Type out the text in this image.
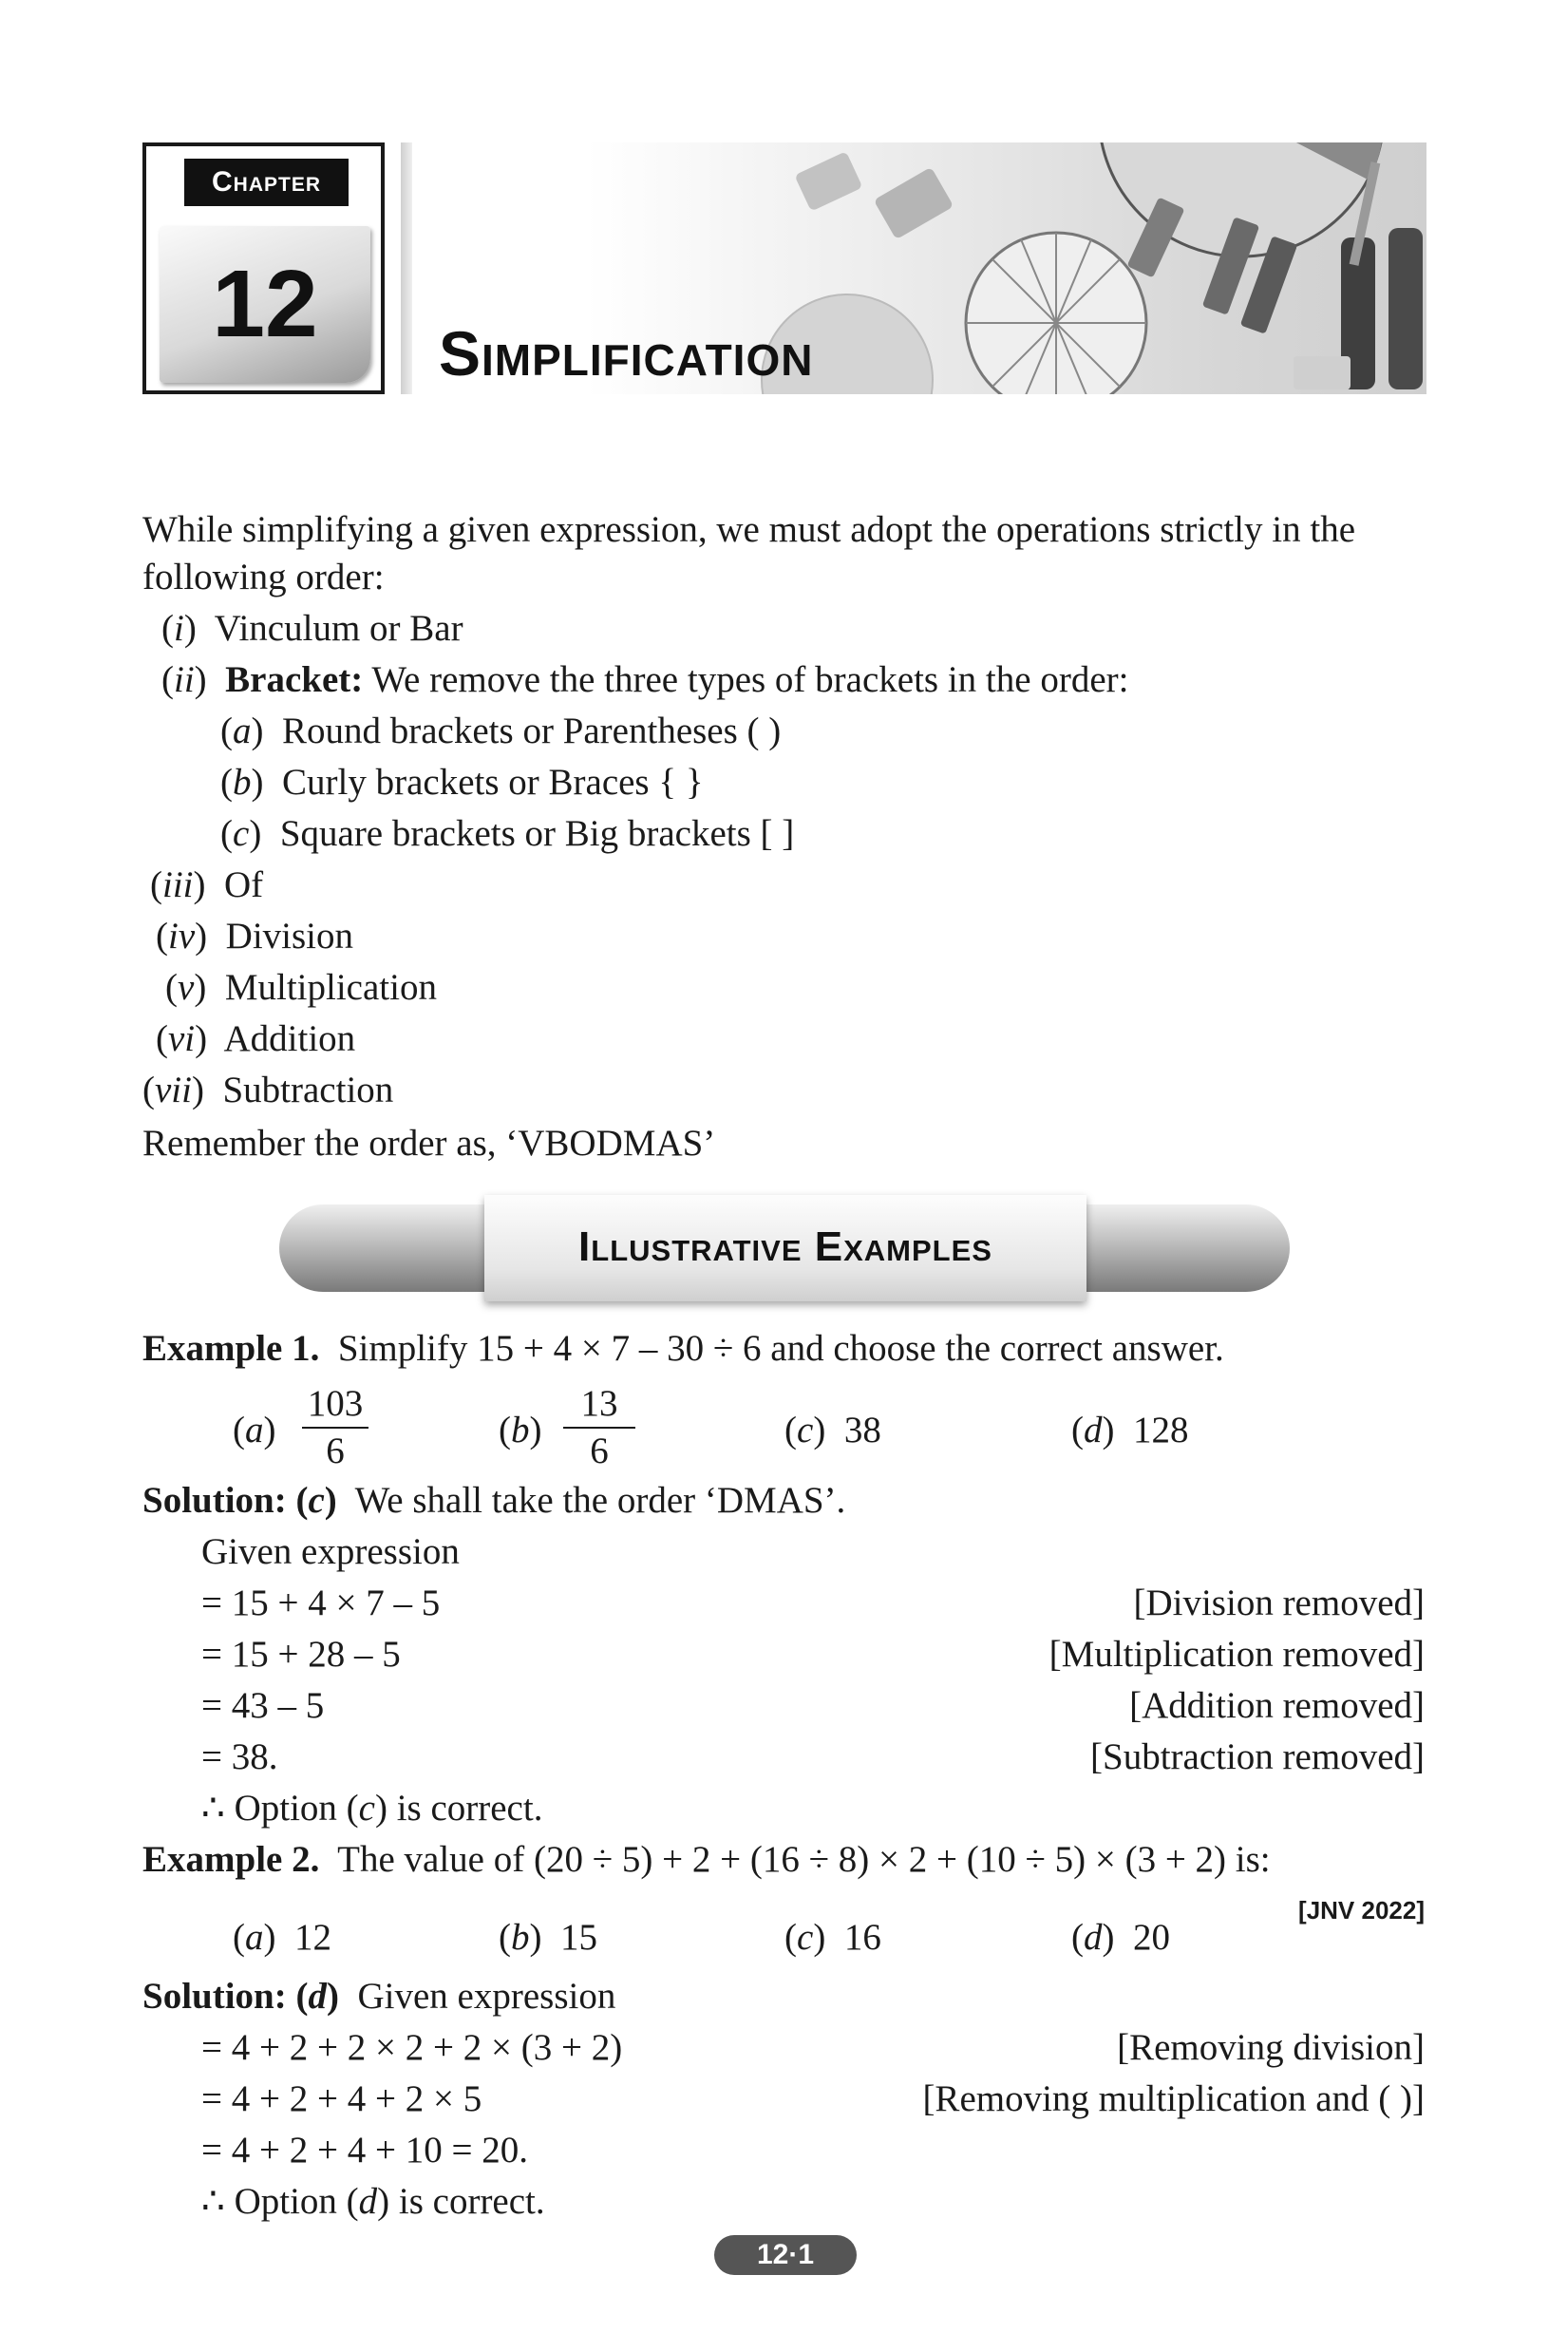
Chapter
12	Simplification
While simplifying a given expression, we must adopt the operations strictly in the
following order:
(i)  Vinculum or Bar
(ii)  Bracket: We remove the three types of brackets in the order:
(a)  Round brackets or Parentheses ( )
(b)  Curly brackets or Braces { }
(c)  Square brackets or Big brackets [ ]
(iii)  Of
(iv)  Division
(v)  Multiplication
(vi)  Addition
(vii)  Subtraction
Remember the order as, ‘VBODMAS’
Illustrative Examples
Example 1. Simplify 15 + 4 × 7 – 30 ÷ 6 and choose the correct answer.
$(a) \frac{103}{6}$	$(b) \frac{13}{6}$	(c)  38	(d)  128
Solution: (c) We shall take the order ‘DMAS’.
Given expression
= 15 + 4 × 7 – 5	[Division removed]
= 15 + 28 – 5	[Multiplication removed]
= 43 – 5	[Addition removed]
= 38.	[Subtraction removed]
∴ Option (c) is correct.
Example 2. The value of (20 ÷ 5) + 2 + (16 ÷ 8) × 2 + (10 ÷ 5) × (3 + 2) is:
[JNV 2022]
(a)  12	(b)  15	(c)  16	(d)  20
Solution: (d) Given expression
= 4 + 2 + 2 × 2 + 2 × (3 + 2)	[Removing division]
= 4 + 2 + 4 + 2 × 5	[Removing multiplication and ( )]
= 4 + 2 + 4 + 10 = 20.
∴ Option (d) is correct.
12·1
